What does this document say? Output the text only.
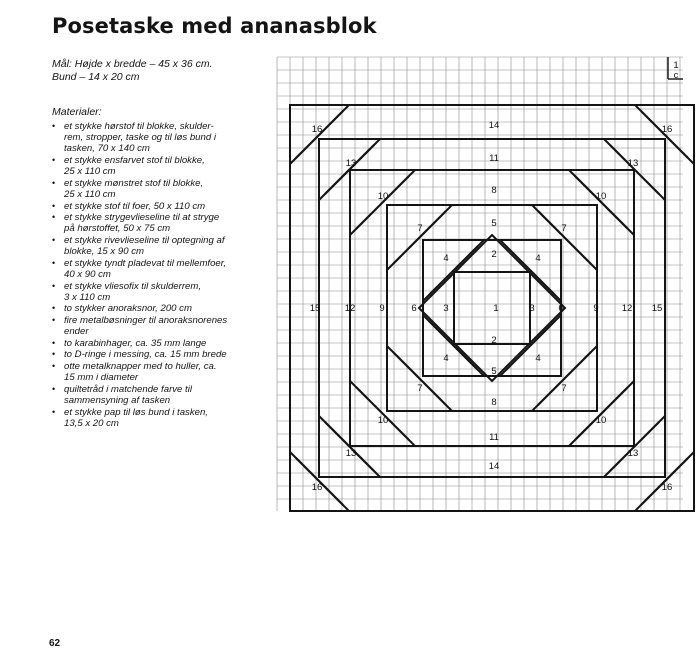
Posetaske med ananasblok
Mål: Højde x bredde – 45 x 36 cm.
Bund – 14 x 20 cm
Materialer:
• et stykke hørstof til blokke, skulder-
rem, stropper, taske og til løs bund i
tasken, 70 x 140 cm
• et stykke ensfarvet stof til blokke,
25 x 110 cm
• et stykke mønstret stof til blokke,
25 x 110 cm
• et stykke stof til foer, 50 x 110 cm
• et stykke strygevlieseline til at stryge
på hørstoffet, 50 x 75 cm
• et stykke rivevlieseline til optegning af
blokke, 15 x 90 cm
• et stykke tyndt pladevat til mellemfoer,
40 x 90 cm
• et stykke vliesofix til skulderrem,
3 x 110 cm
• to stykker anoraksnor, 200 cm
• fire metalbøsninger til anoraksnorenes
ender
• to karabinhager, ca. 35 mm lange
• to D-ringe i messing, ca. 15 mm brede
• otte metalknapper med to huller, ca.
15 mm i diameter
• quiltetråd i matchende farve til
sammensyning af tasken
• et stykke pap til løs bund i tasken,
13,5 x 20 cm
1
c
14
11
8
5
2
2
5
8
11
14
15	12	9	6	3	3 6	9 12 15
1
16	16
16	16
13	13
13	13
10	10
10	10
7	7
7	7
4	4
4	4
62
